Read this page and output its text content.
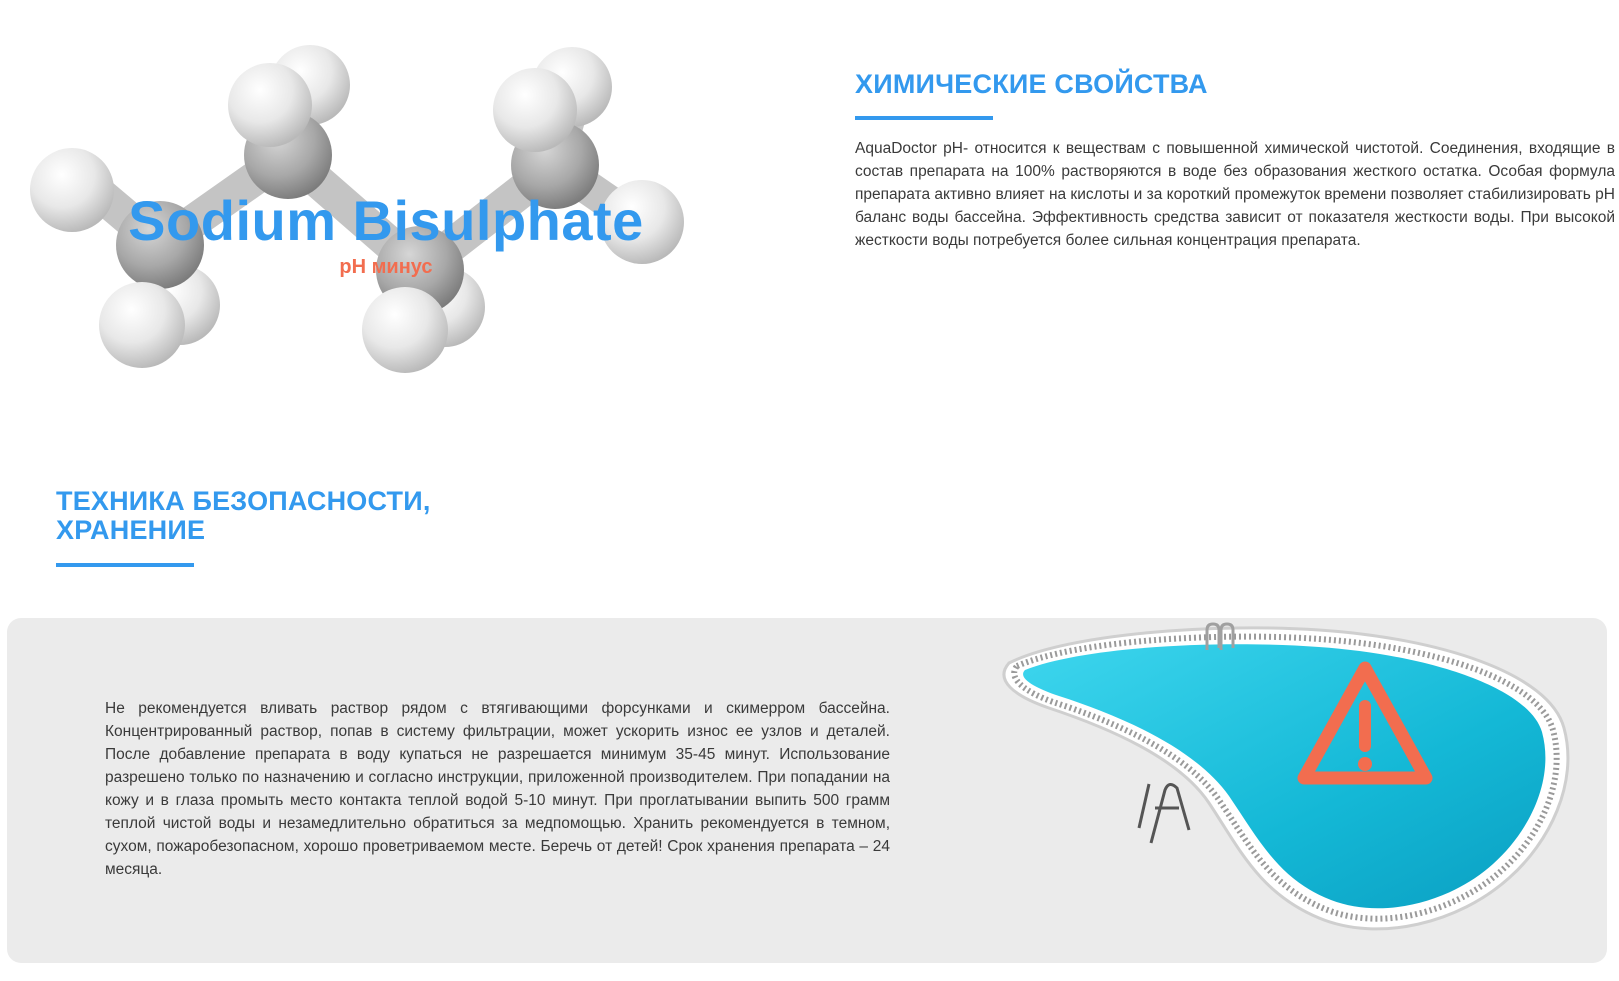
Sodium Bisulphate
pH минус
ХИМИЧЕСКИЕ СВОЙСТВА

AquaDoctor pH- относится к веществам с повышенной химической чистотой. Соединения, входящие в состав препарата на 100% растворяются в воде без образования жесткого остатка. Особая формула препарата активно влияет на кислоты и за короткий промежуток времени позволяет стабилизировать pH баланс воды бассейна. Эффективность средства зависит от показателя жесткости воды. При высокой жесткости воды потребуется более сильная концентрация препарата.

ТЕХНИКА БЕЗОПАСНОСТИ,
ХРАНЕНИЕ

Не рекомендуется вливать раствор рядом с втягивающими форсунками и скимерром бассейна. Концентрированный раствор, попав в систему фильтрации, может ускорить износ ее узлов и деталей. После добавление препарата в воду купаться не разрешается минимум 35-45 минут. Использование разрешено только по назначению и согласно инструкции, приложенной производителем. При попадании на кожу и в глаза промыть место контакта теплой водой 5-10 минут. При проглатывании выпить 500 грамм теплой чистой воды и незамедлительно обратиться за медпомощью. Хранить рекомендуется в темном, сухом, пожаробезопасном, хорошо проветриваемом месте. Беречь от детей! Срок хранения препарата – 24 месяца.
